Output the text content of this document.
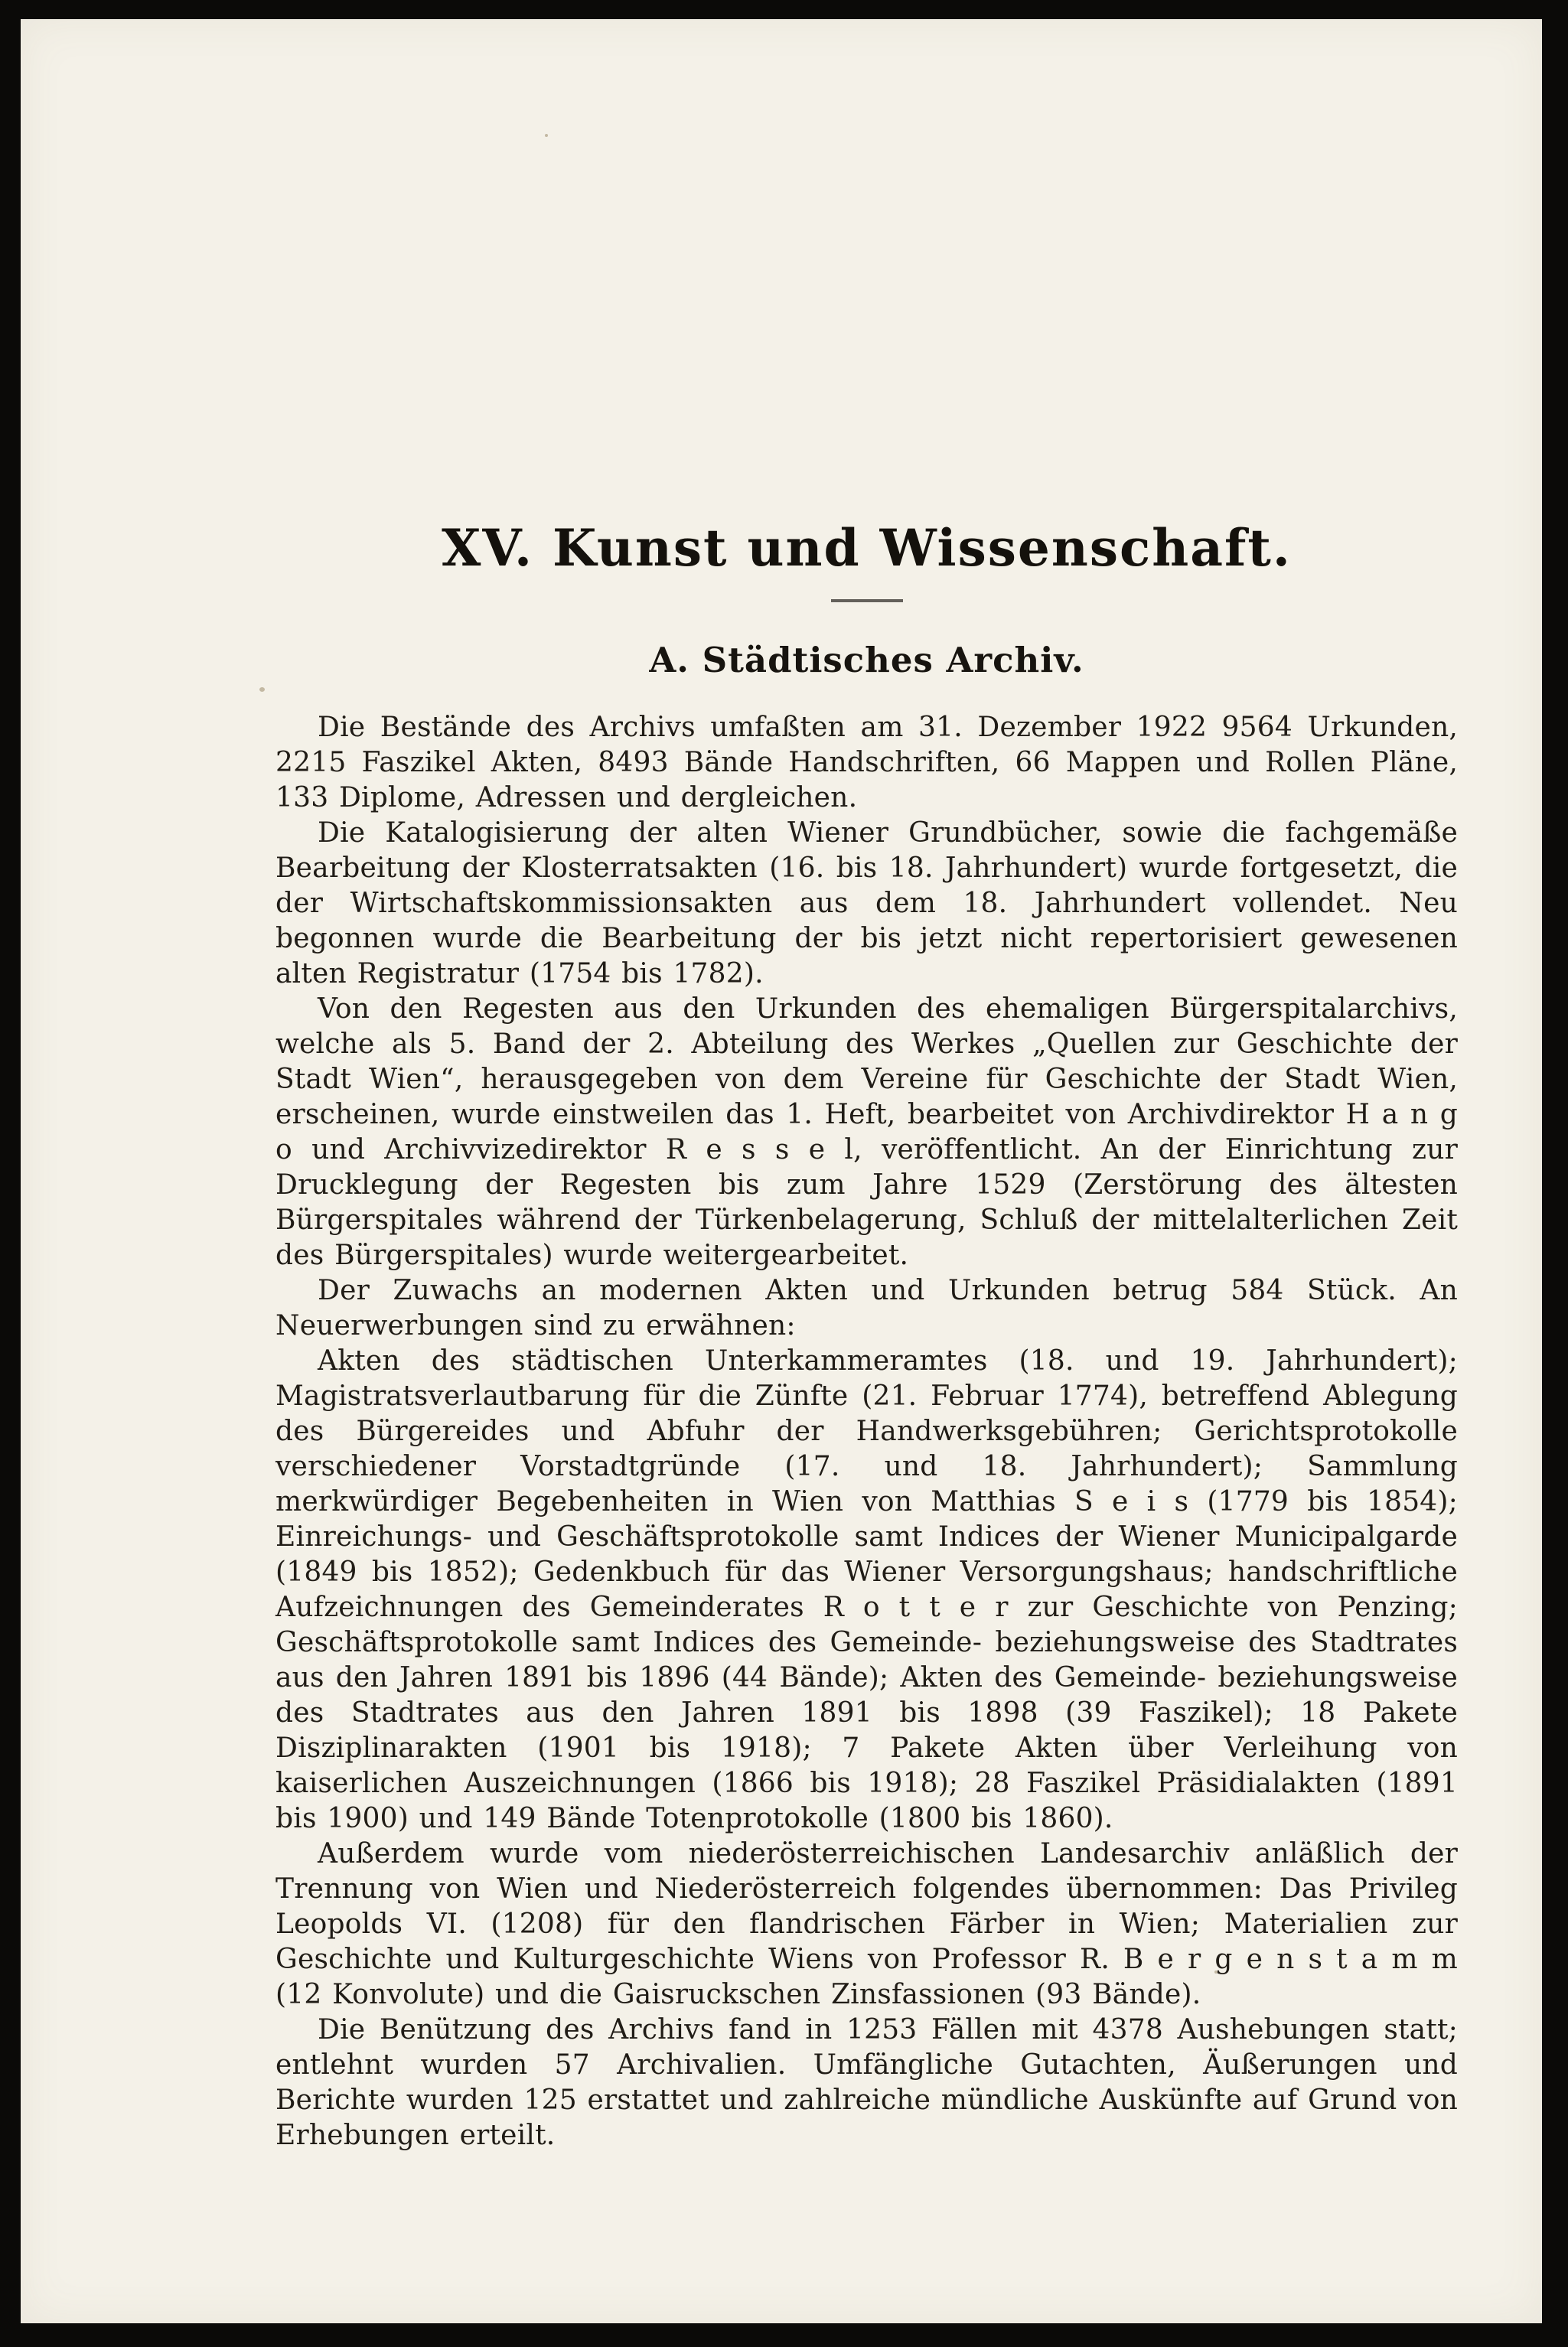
XV. Kunst und Wissenschaft.
A. Städtisches Archiv.

Die Bestände des Archivs umfaßten am 31. Dezember 1922 9564 Urkunden, 2215 Faszikel Akten, 8493 Bände Handschriften, 66 Mappen und Rollen Pläne, 133 Diplome, Adressen und dergleichen.

Die Katalogisierung der alten Wiener Grundbücher, sowie die fachgemäße Bearbeitung der Klosterratsakten (16. bis 18. Jahrhundert) wurde fortgesetzt, die der Wirtschaftskommissionsakten aus dem 18. Jahrhundert vollendet. Neu begonnen wurde die Bearbeitung der bis jetzt nicht repertorisiert gewesenen alten Registratur (1754 bis 1782).

Von den Regesten aus den Urkunden des ehemaligen Bürgerspitalarchivs, welche als 5. Band der 2. Abteilung des Werkes „Quellen zur Geschichte der Stadt Wien“, herausgegeben von dem Vereine für Geschichte der Stadt Wien, erscheinen, wurde einstweilen das 1. Heft, bearbeitet von Archivdirektor H a n g o und Archivvizedirektor R e s s e l, veröffentlicht. An der Einrichtung zur Drucklegung der Regesten bis zum Jahre 1529 (Zerstörung des ältesten Bürgerspitales während der Türkenbelagerung, Schluß der mittelalterlichen Zeit des Bürgerspitales) wurde weitergearbeitet.

Der Zuwachs an modernen Akten und Urkunden betrug 584 Stück. An Neuerwerbungen sind zu erwähnen:

Akten des städtischen Unterkammeramtes (18. und 19. Jahrhundert); Magistratsverlautbarung für die Zünfte (21. Februar 1774), betreffend Ablegung des Bürgereides und Abfuhr der Handwerksgebühren; Gerichtsprotokolle verschiedener Vorstadtgründe (17. und 18. Jahrhundert); Sammlung merkwürdiger Begebenheiten in Wien von Matthias S e i s (1779 bis 1854); Einreichungs- und Geschäftsprotokolle samt Indices der Wiener Municipalgarde (1849 bis 1852); Gedenkbuch für das Wiener Versorgungshaus; handschriftliche Aufzeichnungen des Gemeinderates R o t t e r zur Geschichte von Penzing; Geschäftsprotokolle samt Indices des Gemeinde- beziehungsweise des Stadtrates aus den Jahren 1891 bis 1896 (44 Bände); Akten des Gemeinde- beziehungsweise des Stadtrates aus den Jahren 1891 bis 1898 (39 Faszikel); 18 Pakete Disziplinarakten (1901 bis 1918); 7 Pakete Akten über Verleihung von kaiserlichen Auszeichnungen (1866 bis 1918); 28 Faszikel Präsidialakten (1891 bis 1900) und 149 Bände Totenprotokolle (1800 bis 1860).

Außerdem wurde vom niederösterreichischen Landesarchiv anläßlich der Trennung von Wien und Niederösterreich folgendes übernommen: Das Privileg Leopolds VI. (1208) für den flandrischen Färber in Wien; Materialien zur Geschichte und Kulturgeschichte Wiens von Professor R. B e r g e n s t a m m (12 Konvolute) und die Gaisruckschen Zinsfassionen (93 Bände).

Die Benützung des Archivs fand in 1253 Fällen mit 4378 Aushebungen statt; entlehnt wurden 57 Archivalien. Umfängliche Gutachten, Äußerungen und Berichte wurden 125 erstattet und zahlreiche mündliche Auskünfte auf Grund von Erhebungen erteilt.
